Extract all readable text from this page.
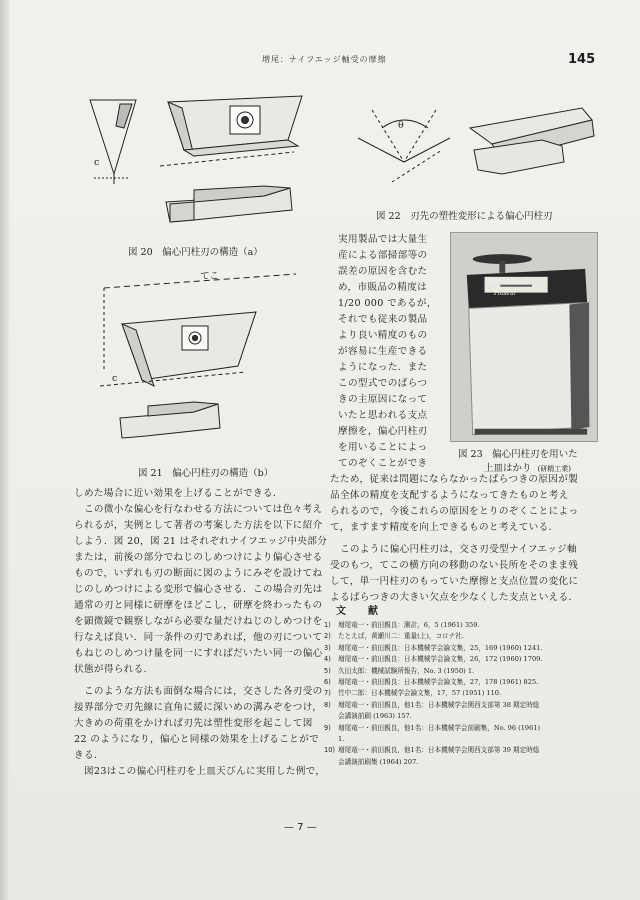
増尾：ナイフエッジ軸受の摩擦	145
c
図 20　偏心円柱刃の構造（a）
てこ
c
図 21　偏心円柱刃の構造（b）
θ
図 22　刃先の塑性変形による偏心円柱刃
TOP-1200
Poiseur
図 23　偏心円柱刃を用いた
上皿はかり (研精工業)
実用製品では大量生
産による部掃部等の
誤差の原因を含むた
め，市販品の精度は
1/20 000 であるが，
それでも従来の製品
より良い精度のもの
が容易に生産できる
ようになった．また
この型式でのばらつ
きの主原因になって
いたと思われる支点
摩擦を，偏心円柱刃
を用いることによっ
てのぞくことができ
たため，従来は問題にならなかったばらつきの原因が製
品全体の精度を支配するようになってきたものと考え
られるので，今後これらの原因をとりのぞくことによっ
て，ますます精度を向上できるものと考えている．
　このように偏心円柱刃は，交さ刃受型ナイフエッジ軸
受のもつ，てこの横方向の移動のない長所をそのまま残
して，単一円柱刃のもっていた摩擦と支点位置の変化に
よるばらつきの大きい欠点を少なくした支点といえる．
しめた場合に近い効果を上げることができる．
　この微小な偏心を行なわせる方法については色々考え
られるが，実例として著者の考案した方法を以下に紹介
しよう．図 20，図 21 はそれぞれナイフエッジ中央部分
または，前後の部分でねじのしめつけにより偏心させる
もので，いずれも刃の断面に図のようにみぞを設けてね
じのしめつけによる変形で偏心させる．この場合刃先は
通常の刃と同様に研摩をほどこし，研摩を終わったもの
を顕微鏡で観察しながら必要な量だけねじのしめつけを
行なえば良い．同一条件の刃であれば，他の刃について
もねじのしめつけ量を同一にすればだいたい同一の偏心
状態が得られる．
　このような方法も面倒な場合には，交さした各刃受の
接界部分で刃先線に直角に緩に深いめの溝みぞをつけ，
大きめの荷重をかければ刃先は塑性変形を起こして図
22 のようになり，偏心と同様の効果を上げることがで
きる．
　図23はこの偏心円柱刃を上皿天びんに実用した例で，
文　献
1)	増尾竜一・前田親良：測計，6，5 (1961) 359.
2)	たとえば，黄瀬川二：重量(上)，コロナ社.
3)	増尾竜一・前田親良：日本機械学会論文集，25，169 (1960) 1241.
4)	増尾竜一・前田親良：日本機械学会論文集，26，172 (1960) 1709.
5)	久田太郎：機械試験所報告，No. 3 (1950) 1.
6)	増尾竜一・前田親良：日本機械学会論文集，27，178 (1961) 825.
7)	竹中二郎：日本機械学会論文集，17，57 (1951) 110.
8)	増尾竜一・前田親良，他1名：日本機械学会関西支部第 38 期定時総
会講演前刷 (1963) 157.
9)	増尾竜一・前田親良，他1名：日本機械学会前刷集，No. 96 (1961)
1.
10) 増尾竜一・前田親良，他1名：日本機械学会関西支部第 39 期定時総
会講演前刷集 (1964) 207.
— 7 —
